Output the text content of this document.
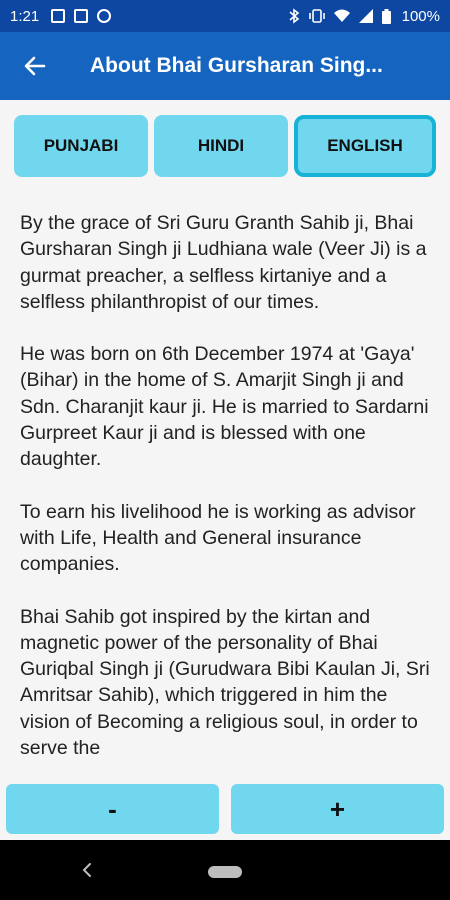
1:21	100%
About Bhai Gursharan Sing...
PUNJABI	HINDI	ENGLISH

By the grace of Sri Guru Granth Sahib ji, Bhai Gursharan Singh ji Ludhiana wale (Veer Ji) is a gurmat preacher, a selfless kirtaniye and a selfless philanthropist of our times.

He was born on 6th December 1974 at 'Gaya' (Bihar) in the home of S. Amarjit Singh ji and Sdn. Charanjit kaur ji. He is married to Sardarni Gurpreet Kaur ji and is blessed with one daughter.

To earn his livelihood he is working as advisor with Life, Health and General insurance companies.

Bhai Sahib got inspired by the kirtan and magnetic power of the personality of Bhai Guriqbal Singh ji (Gurudwara Bibi Kaulan Ji, Sri Amritsar Sahib), which triggered in him the vision of Becoming a religious soul, in order to serve the

-	+
